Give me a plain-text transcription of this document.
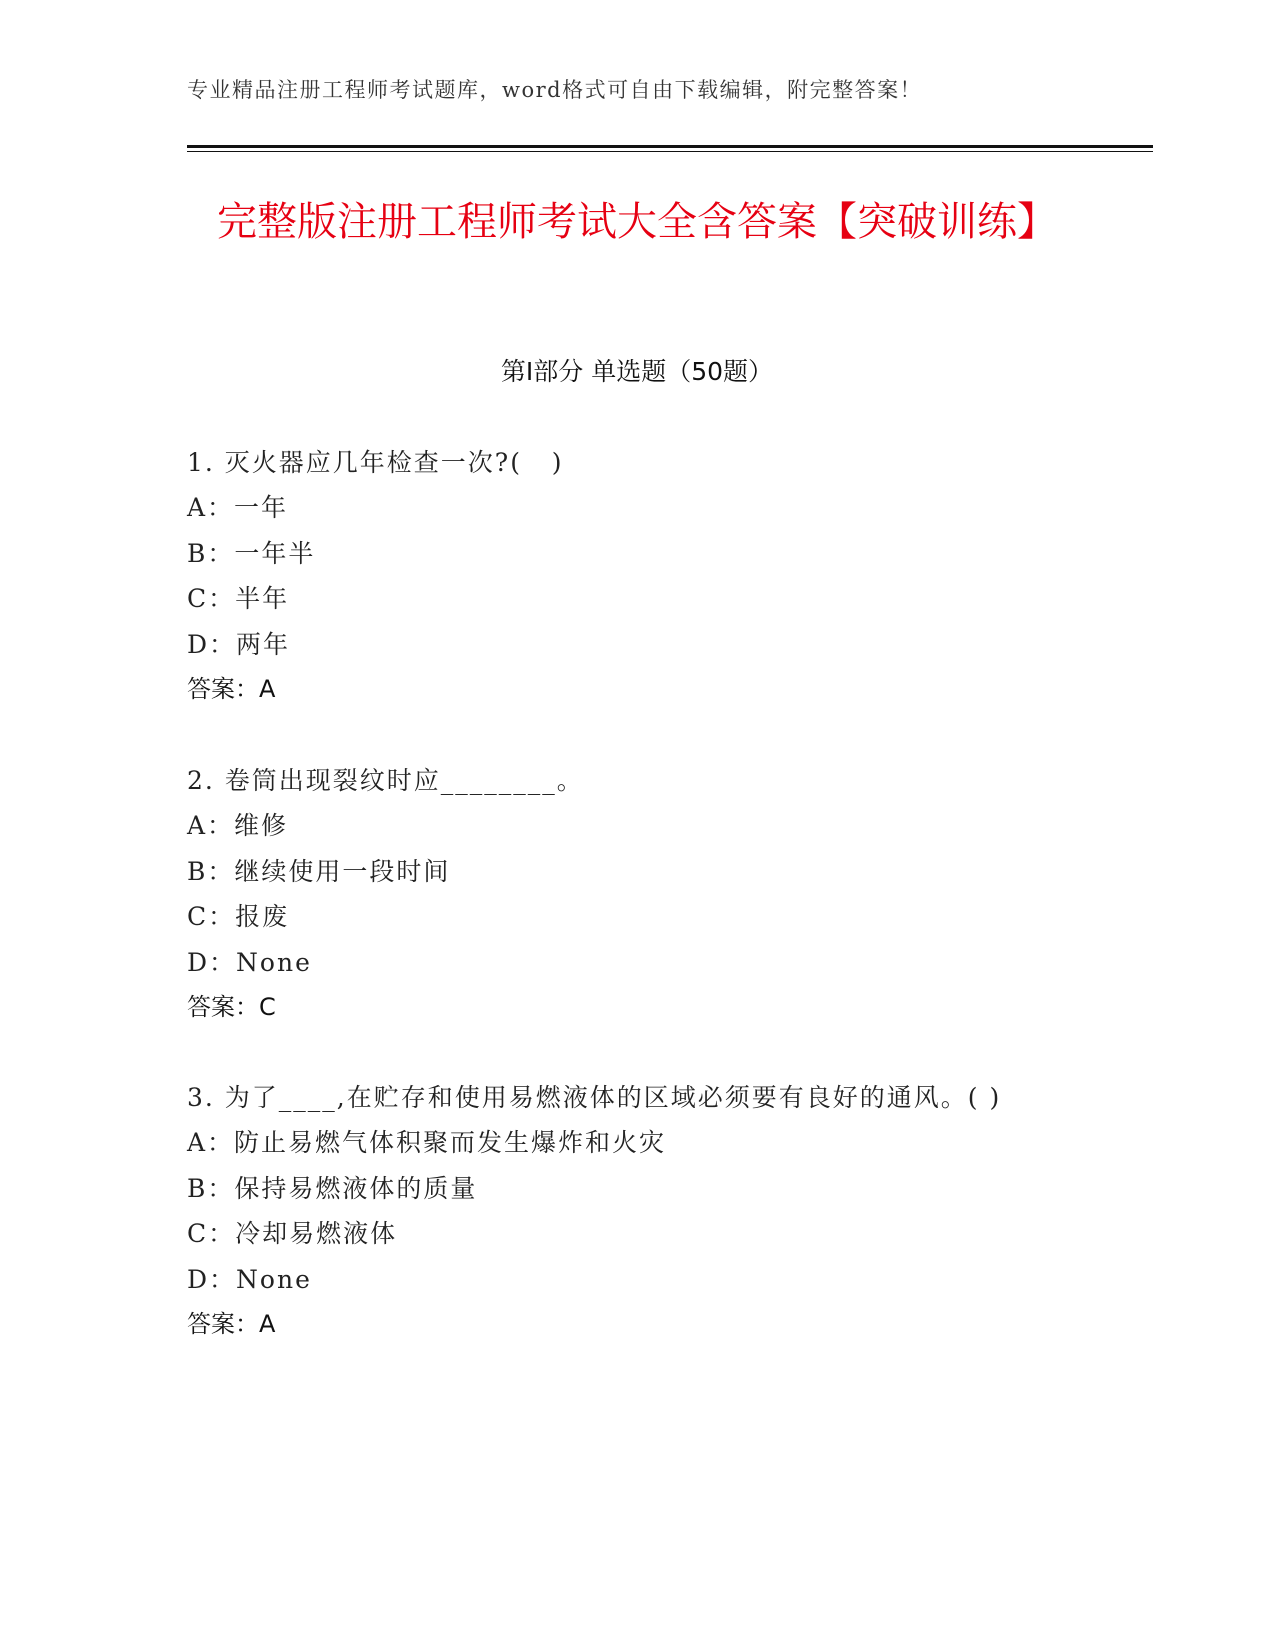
专业精品注册工程师考试题库，word格式可自由下载编辑，附完整答案！
完整版注册工程师考试大全含答案【突破训练】
第Ⅰ部分 单选题（50题）

1. 灭火器应几年检查一次?(   )

A：一年

B：一年半

C：半年

D：两年

答案：A

2. 卷筒出现裂纹时应________。

A：维修

B：继续使用一段时间

C：报废

D：None

答案：C

3. 为了____,在贮存和使用易燃液体的区域必须要有良好的通风。( )

A：防止易燃气体积聚而发生爆炸和火灾

B：保持易燃液体的质量

C：冷却易燃液体

D：None

答案：A
